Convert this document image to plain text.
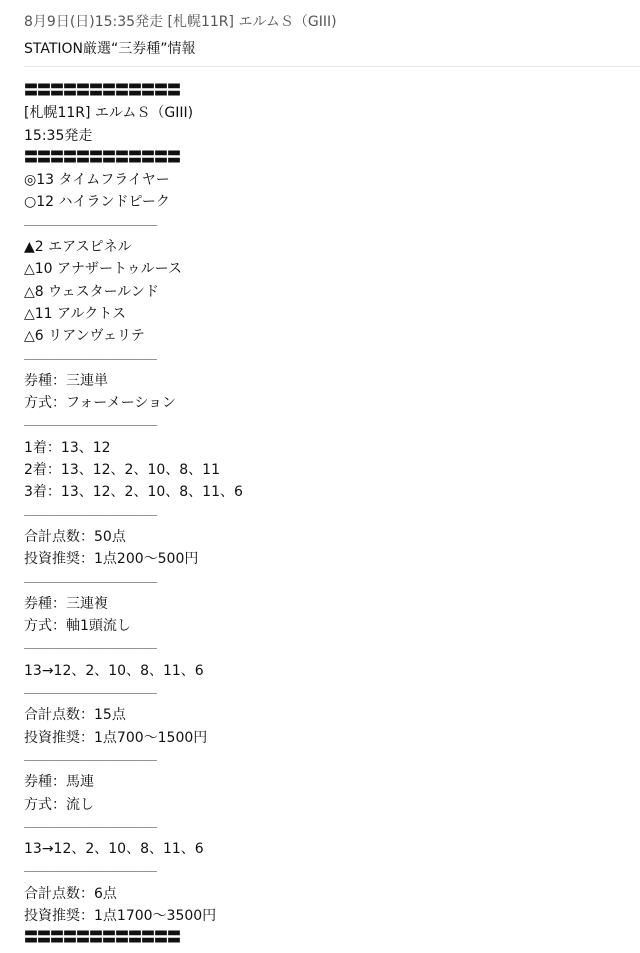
8月9日(日)15:35発走 [札幌11R] エルムＳ（GIII)
STATION厳選“三券種”情報
〓〓〓〓〓〓〓〓〓〓〓〓
[札幌11R] エルムＳ（GIII)
15:35発走
〓〓〓〓〓〓〓〓〓〓〓〓
◎13 タイムフライヤー
○12 ハイランドピーク
――――――――――――
▲2 エアスピネル
△10 アナザートゥルース
△8 ウェスタールンド
△11 アルクトス
△6 リアンヴェリテ
――――――――――――
券種：三連単
方式：フォーメーション
――――――――――――
1着：13、12
2着：13、12、2、10、8、11
3着：13、12、2、10、8、11、6
――――――――――――
合計点数：50点
投資推奨：1点200〜500円
――――――――――――
券種：三連複
方式：軸1頭流し
――――――――――――
13→12、2、10、8、11、6
――――――――――――
合計点数：15点
投資推奨：1点700〜1500円
――――――――――――
券種：馬連
方式：流し
――――――――――――
13→12、2、10、8、11、6
――――――――――――
合計点数：6点
投資推奨：1点1700〜3500円
〓〓〓〓〓〓〓〓〓〓〓〓
